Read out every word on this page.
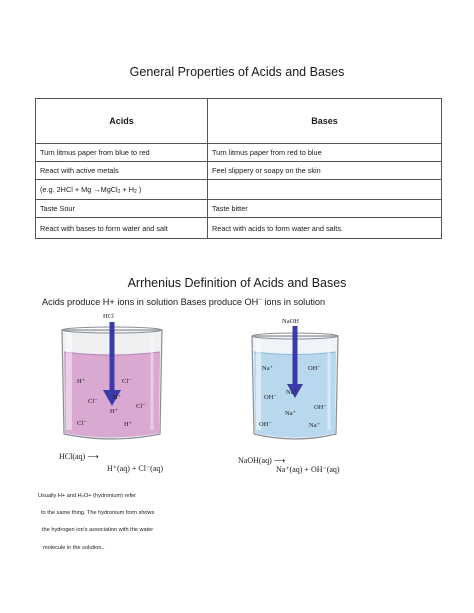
General Properties of Acids and Bases
Acids	Bases
Turn litmus paper from blue to red	Turn litmus paper from red to blue
React with active metals	Feel slippery or soapy on the skin
(e.g. 2HCl + Mg →MgCl$_2$ + $H_2$ )	
Taste Sour	Taste bitter
React with bases to form water and salt	React with acids to form water and salts.
Arrhenius Definition of Acids and Bases
Acids produce H+ ions in solution Bases produce OH− ions in solution
HCl
H⁺	Cl⁻
Cl⁻
H⁺
H⁺
Cl⁻
Cl⁻	H⁺
HCl(aq) ⟶
H⁺(aq) + Cl⁻(aq)
NaOH
Na⁺	OH⁻
OH⁻
Na⁺
OH⁻
Na⁺
OH⁻	Na⁺
NaOH(aq) ⟶
Na⁺(aq) + OH⁻(aq)
Usually H+ and H₃O+ (hydronium) refer
to the same thing. The hydronium form shows
the hydrogen ion's association with the water
molecule in the solution..
